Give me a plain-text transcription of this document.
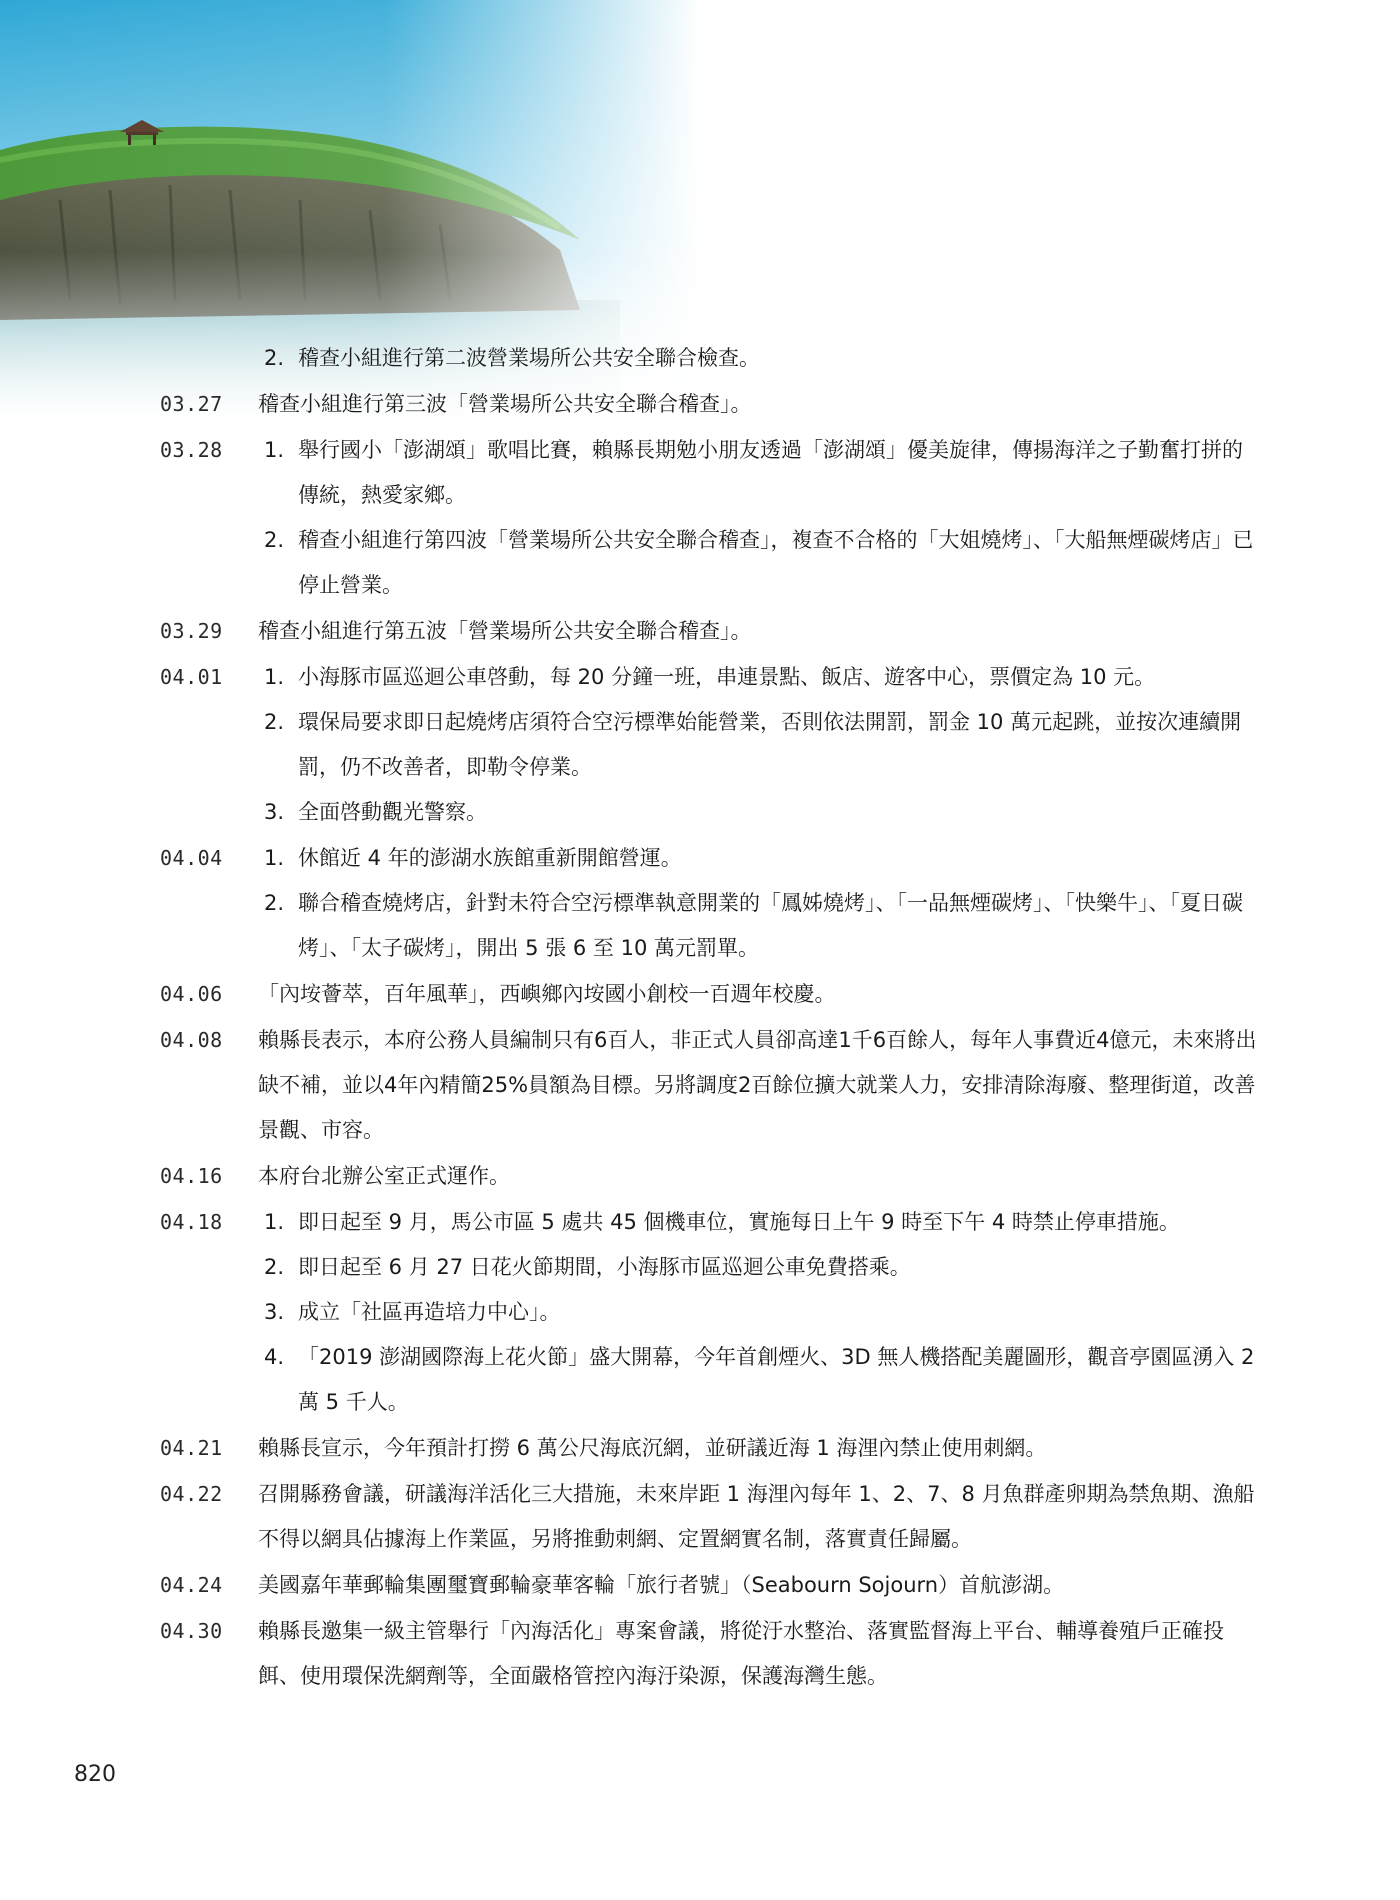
2. 稽查小組進行第二波營業場所公共安全聯合檢查。
03.27	稽查小組進行第三波「營業場所公共安全聯合稽查」。

03.28	1. 舉行國小「澎湖頌」歌唱比賽，賴縣長期勉小朋友透過「澎湖頌」優美旋律，傳揚海洋之子勤奮打拼的傳統，熱愛家鄉。
2. 稽查小組進行第四波「營業場所公共安全聯合稽查」，複查不合格的「大姐燒烤」、「大船無煙碳烤店」已停止營業。
03.29	稽查小組進行第五波「營業場所公共安全聯合稽查」。

04.01	1. 小海豚市區巡迴公車啓動，每 20 分鐘一班，串連景點、飯店、遊客中心，票價定為 10 元。
2. 環保局要求即日起燒烤店須符合空污標準始能營業，否則依法開罰，罰金 10 萬元起跳，並按次連續開罰，仍不改善者，即勒令停業。
3. 全面啓動觀光警察。
04.04	1. 休館近 4 年的澎湖水族館重新開館營運。
2. 聯合稽查燒烤店，針對未符合空污標準執意開業的「鳳姊燒烤」、「一品無煙碳烤」、「快樂牛」、「夏日碳烤」、「太子碳烤」，開出 5 張 6 至 10 萬元罰單。
04.06	「內垵薈萃，百年風華」，西嶼鄉內垵國小創校一百週年校慶。

04.08	賴縣長表示，本府公務人員編制只有6百人，非正式人員卻高達1千6百餘人，每年人事費近4億元，未來將出缺不補，並以4年內精簡25%員額為目標。另將調度2百餘位擴大就業人力，安排清除海廢、整理街道，改善景觀、市容。

04.16	本府台北辦公室正式運作。

04.18	1. 即日起至 9 月，馬公市區 5 處共 45 個機車位，實施每日上午 9 時至下午 4 時禁止停車措施。
2. 即日起至 6 月 27 日花火節期間，小海豚市區巡迴公車免費搭乘。
3. 成立「社區再造培力中心」。
4. 「2019 澎湖國際海上花火節」盛大開幕，今年首創煙火、3D 無人機搭配美麗圖形，觀音亭園區湧入 2 萬 5 千人。
04.21	賴縣長宣示，今年預計打撈 6 萬公尺海底沉網，並研議近海 1 海浬內禁止使用刺網。

04.22	召開縣務會議，研議海洋活化三大措施，未來岸距 1 海浬內每年 1、2、7、8 月魚群產卵期為禁魚期、漁船不得以網具佔據海上作業區，另將推動刺網、定置網實名制，落實責任歸屬。

04.24	美國嘉年華郵輪集團璽寶郵輪豪華客輪「旅行者號」（Seabourn Sojourn）首航澎湖。

04.30	賴縣長邀集一級主管舉行「內海活化」專案會議，將從汙水整治、落實監督海上平台、輔導養殖戶正確投餌、使用環保洗網劑等，全面嚴格管控內海汙染源，保護海灣生態。

820
